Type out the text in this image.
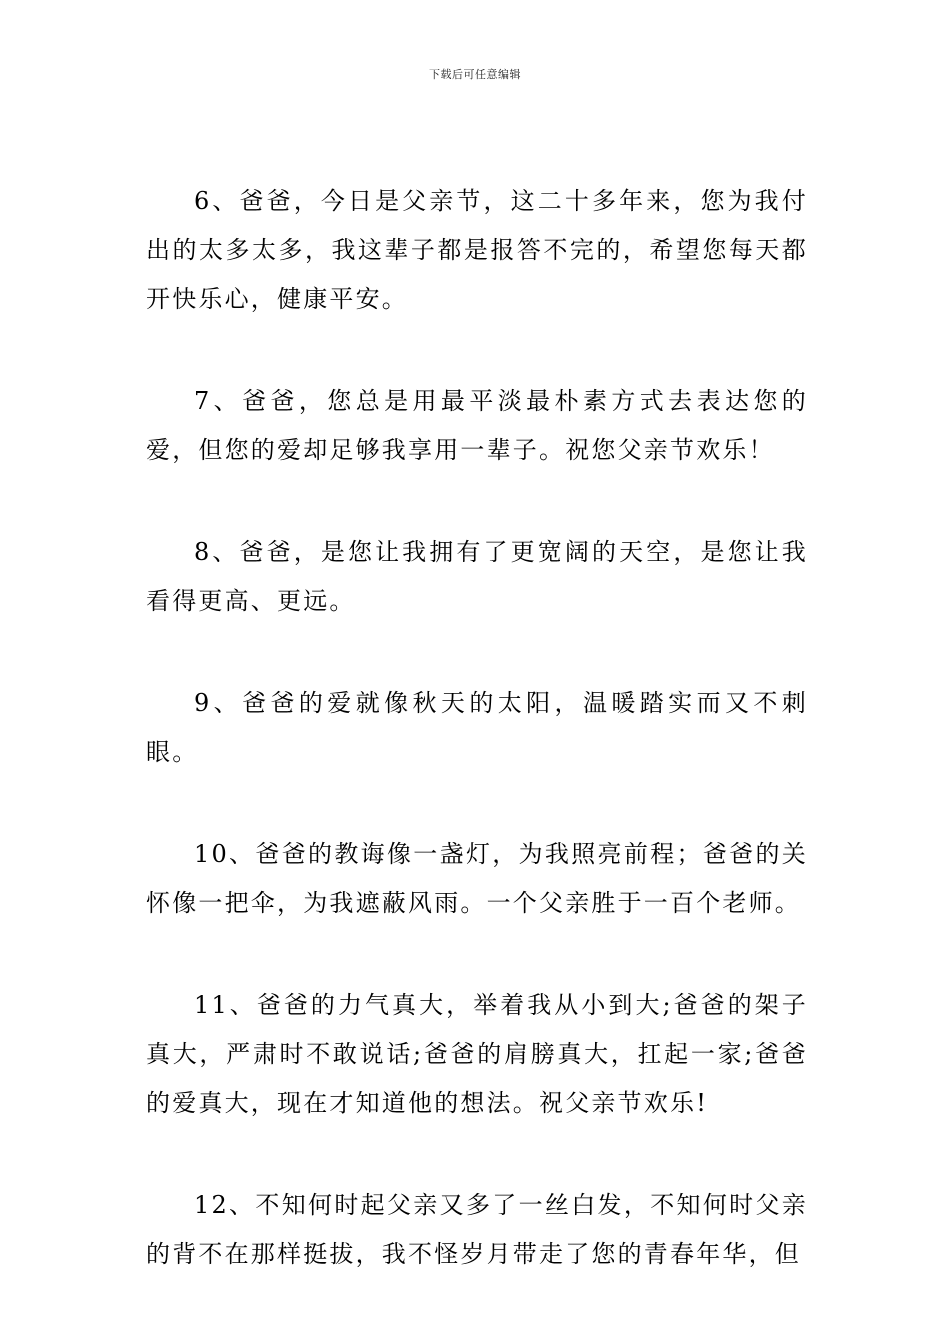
下载后可任意编辑

6、爸爸，今日是父亲节，这二十多年来，您为我付出的太多太多，我这辈子都是报答不完的，希望您每天都开快乐心，健康平安。

7、爸爸，您总是用最平淡最朴素方式去表达您的爱，但您的爱却足够我享用一辈子。祝您父亲节欢乐！

8、爸爸，是您让我拥有了更宽阔的天空，是您让我看得更高、更远。

9、爸爸的爱就像秋天的太阳，温暖踏实而又不刺眼。

10、爸爸的教诲像一盏灯，为我照亮前程；爸爸的关怀像一把伞，为我遮蔽风雨。一个父亲胜于一百个老师。

11、爸爸的力气真大，举着我从小到大;爸爸的架子真大，严肃时不敢说话;爸爸的肩膀真大，扛起一家;爸爸的爱真大，现在才知道他的想法。祝父亲节欢乐!

12、不知何时起父亲又多了一丝白发，不知何时父亲的背不在那样挺拔，我不怪岁月带走了您的青春年华，但
